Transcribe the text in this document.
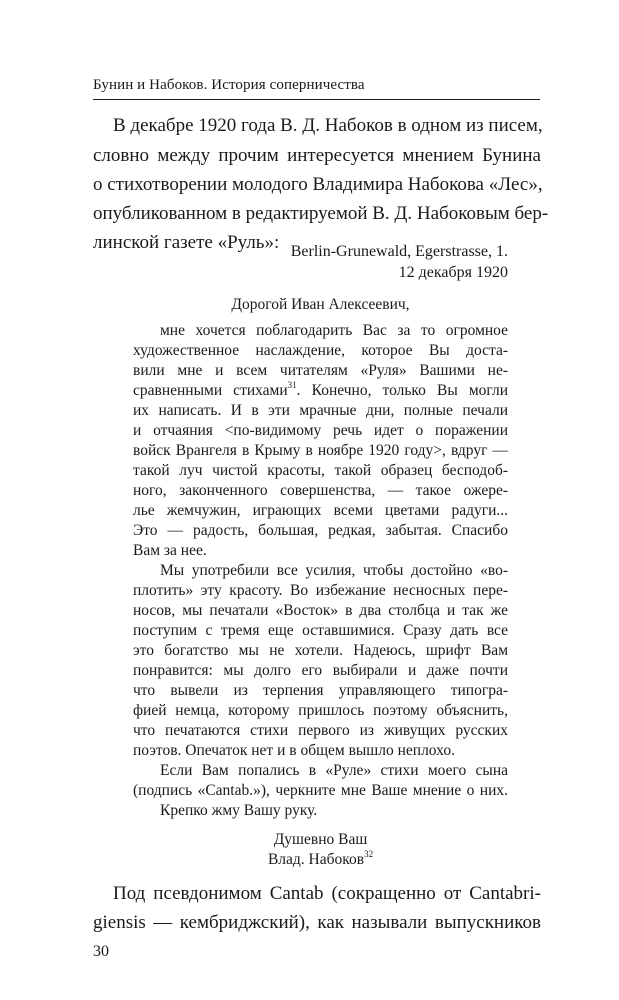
Бунин и Набоков. История соперничества
В декабре 1920 года В. Д. Набоков в одном из писем,
словно между прочим интересуется мнением Бунина
о стихотворении молодого Владимира Набокова «Лес»,
опубликованном в редактируемой В. Д. Набоковым бер-
линской газете «Руль»: Berlin-Grunewald, Egerstrasse, 1.
12 декабря 1920
Дорогой Иван Алексеевич,
мне хочется поблагодарить Вас за то огромное
художественное наслаждение, которое Вы доста-
вили мне и всем читателям «Руля» Вашими не-
сравненными стихами$^{31}$. Конечно, только Вы могли
их написать. И в эти мрачные дни, полные печали
и отчаяния <по-видимому речь идет о поражении
войск Врангеля в Крыму в ноябре 1920 году>, вдруг —
такой луч чистой красоты, такой образец бесподоб-
ного, законченного совершенства, — такое ожере-
лье жемчужин, играющих всеми цветами радуги...
Это — радость, большая, редкая, забытая. Спасибо
Вам за нее.
Мы употребили все усилия, чтобы достойно «во-
плотить» эту красоту. Во избежание несносных пере-
носов, мы печатали «Восток» в два столбца и так же
поступим с тремя еще оставшимися. Сразу дать все
это богатство мы не хотели. Надеюсь, шрифт Вам
понравится: мы долго его выбирали и даже почти
что вывели из терпения управляющего типогра-
фией немца, которому пришлось поэтому объяснить,
что печатаются стихи первого из живущих русских
поэтов. Опечаток нет и в общем вышло неплохо.
Если Вам попались в «Руле» стихи моего сына
(подпись «Cantab.»), черкните мне Ваше мнение о них.
Крепко жму Вашу руку.
Душевно Ваш
Влад. Набоков$^{32}$
Под псевдонимом Cantab (сокращенно от Cantabri-
giensis — кембриджский), как называли выпускников
30
